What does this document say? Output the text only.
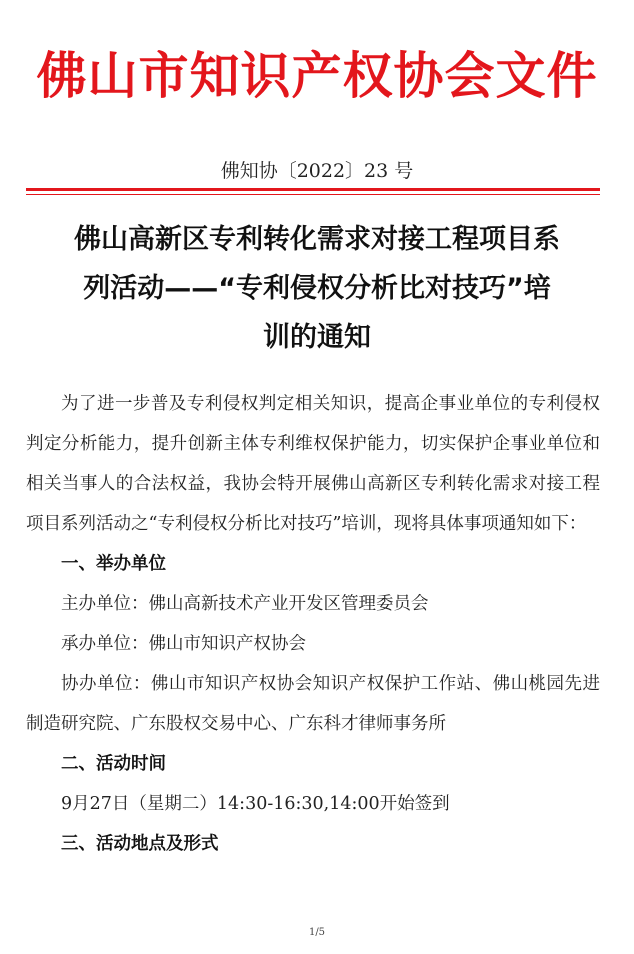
佛山市知识产权协会文件
佛知协〔2022〕23 号
佛山高新区专利转化需求对接工程项目系
列活动——“专利侵权分析比对技巧”培
训的通知

为了进一步普及专利侵权判定相关知识，提高企事业单位的专利侵权判定分析能力，提升创新主体专利维权保护能力，切实保护企事业单位和相关当事人的合法权益，我协会特开展佛山高新区专利转化需求对接工程项目系列活动之“专利侵权分析比对技巧”培训，现将具体事项通知如下：

一、举办单位

主办单位：佛山高新技术产业开发区管理委员会

承办单位：佛山市知识产权协会

协办单位：佛山市知识产权协会知识产权保护工作站、佛山桃园先进制造研究院、广东股权交易中心、广东科才律师事务所

二、活动时间

9月27日（星期二）14:30-16:30,14:00开始签到

三、活动地点及形式

1/5
